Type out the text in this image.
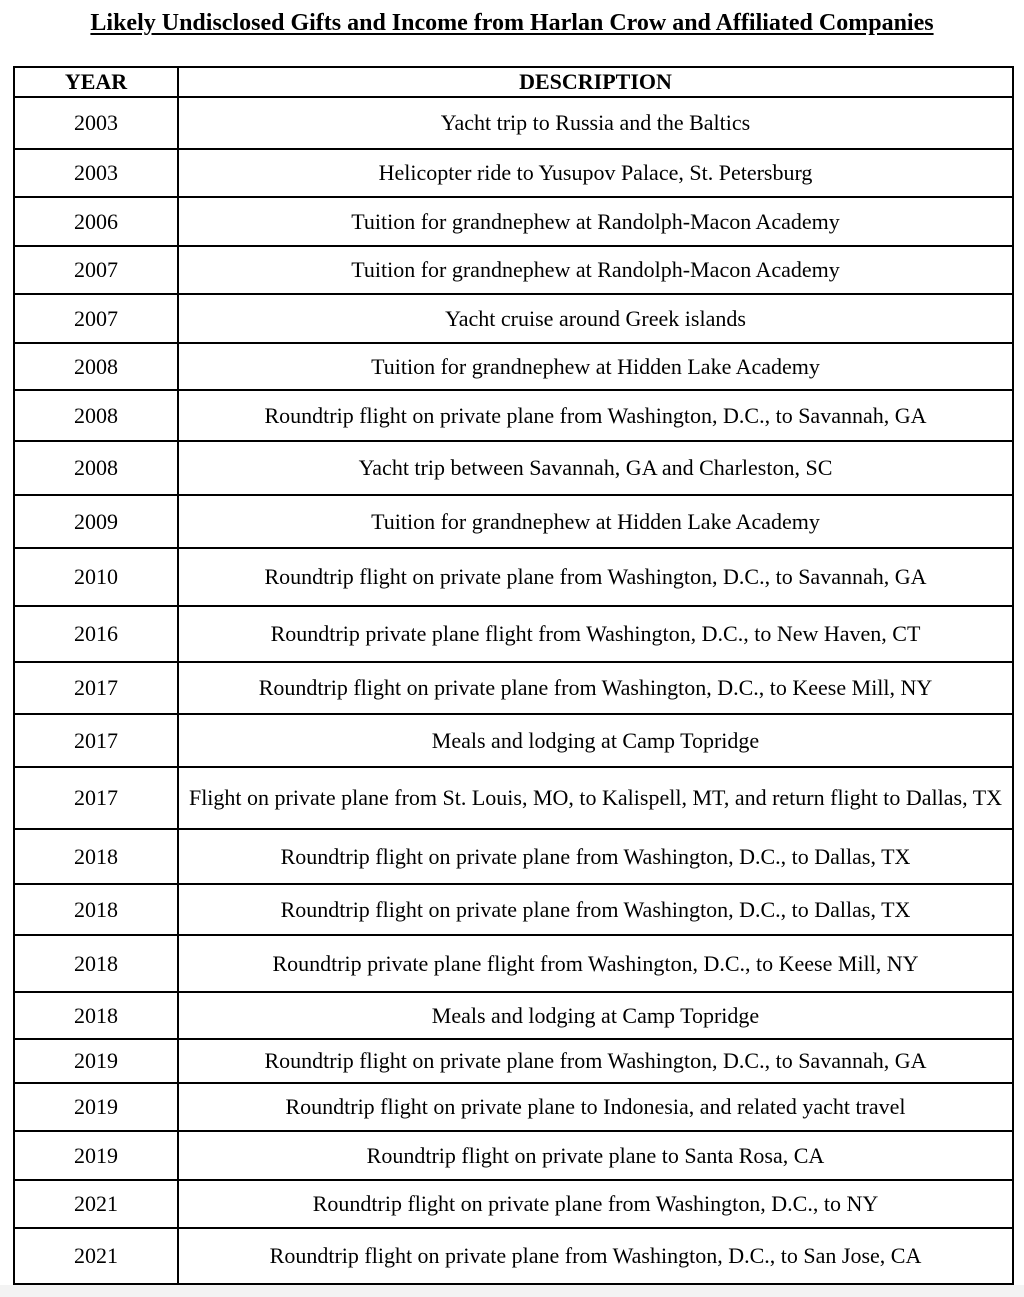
Likely Undisclosed Gifts and Income from Harlan Crow and Affiliated Companies
YEAR	DESCRIPTION
2003	Yacht trip to Russia and the Baltics
2003	Helicopter ride to Yusupov Palace, St. Petersburg
2006	Tuition for grandnephew at Randolph-Macon Academy
2007	Tuition for grandnephew at Randolph-Macon Academy
2007	Yacht cruise around Greek islands
2008	Tuition for grandnephew at Hidden Lake Academy
2008	Roundtrip flight on private plane from Washington, D.C., to Savannah, GA
2008	Yacht trip between Savannah, GA and Charleston, SC
2009	Tuition for grandnephew at Hidden Lake Academy
2010	Roundtrip flight on private plane from Washington, D.C., to Savannah, GA
2016	Roundtrip private plane flight from Washington, D.C., to New Haven, CT
2017	Roundtrip flight on private plane from Washington, D.C., to Keese Mill, NY
2017	Meals and lodging at Camp Topridge
2017	Flight on private plane from St. Louis, MO, to Kalispell, MT, and return flight to Dallas, TX
2018	Roundtrip flight on private plane from Washington, D.C., to Dallas, TX
2018	Roundtrip flight on private plane from Washington, D.C., to Dallas, TX
2018	Roundtrip private plane flight from Washington, D.C., to Keese Mill, NY
2018	Meals and lodging at Camp Topridge
2019	Roundtrip flight on private plane from Washington, D.C., to Savannah, GA
2019	Roundtrip flight on private plane to Indonesia, and related yacht travel
2019	Roundtrip flight on private plane to Santa Rosa, CA
2021	Roundtrip flight on private plane from Washington, D.C., to NY
2021	Roundtrip flight on private plane from Washington, D.C., to San Jose, CA
